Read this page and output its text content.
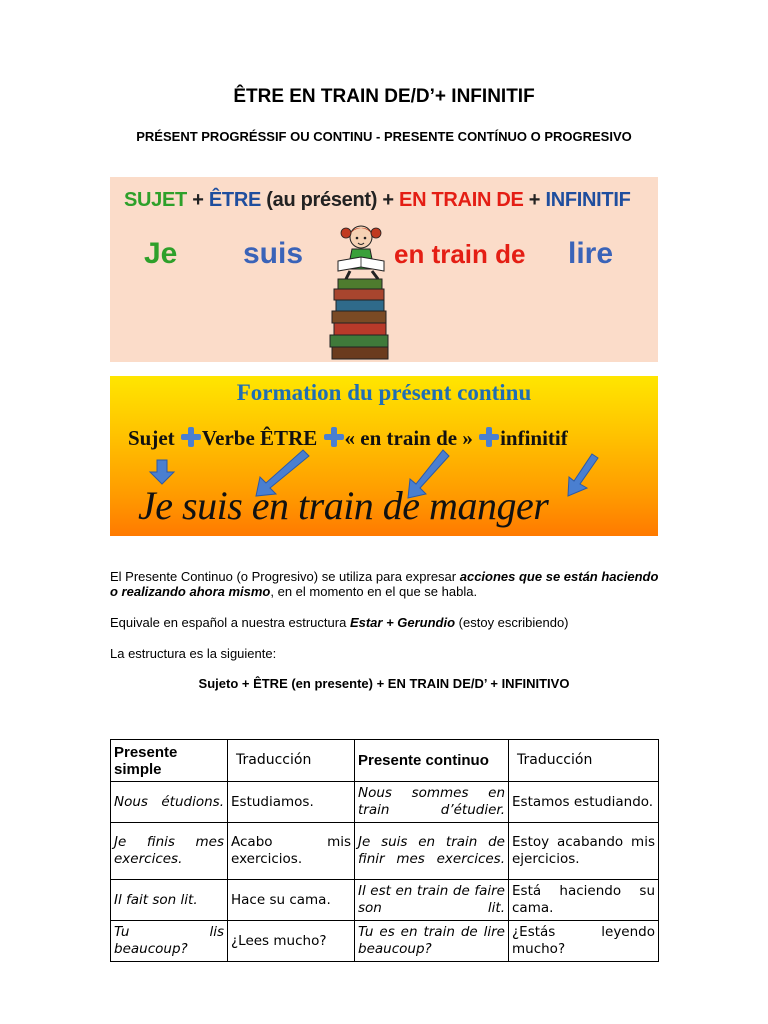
ÊTRE EN TRAIN DE/D’+ INFINITIF
PRÉSENT PROGRÉSSIF OU CONTINU - PRESENTE CONTÍNUO O PROGRESIVO
SUJET + ÊTRE (au présent) + EN TRAIN DE + INFINITIF
Je suis	en train de lire
Formation du présent continu
Sujet Verbe ÊTRE « en train de » infinitif
Je suis en train de manger
El Presente Continuo (o Progresivo) se utiliza para expresar acciones que se están haciendo o realizando ahora mismo, en el momento en el que se habla.
Equivale en español a nuestra estructura Estar + Gerundio (estoy escribiendo)
La estructura es la siguiente:
Sujeto + ÊTRE (en presente) + EN TRAIN DE/D’ + INFINITIVO
Presente simple	Traducción	Presente continuo	Traducción
Nous étudions.	Estudiamos.	Nous sommes en train d’étudier.	Estamos estudiando.
Je finis mes exercices.	Acabo mis exercicios.	Je suis en train de finir mes exercices.	Estoy acabando mis ejercicios.
Il fait son lit.	Hace su cama.	Il est en train de faire son lit.	Está haciendo su cama.
Tu lis beaucoup?	¿Lees mucho?	Tu es en train de lire beaucoup?	¿Estás leyendo mucho?
